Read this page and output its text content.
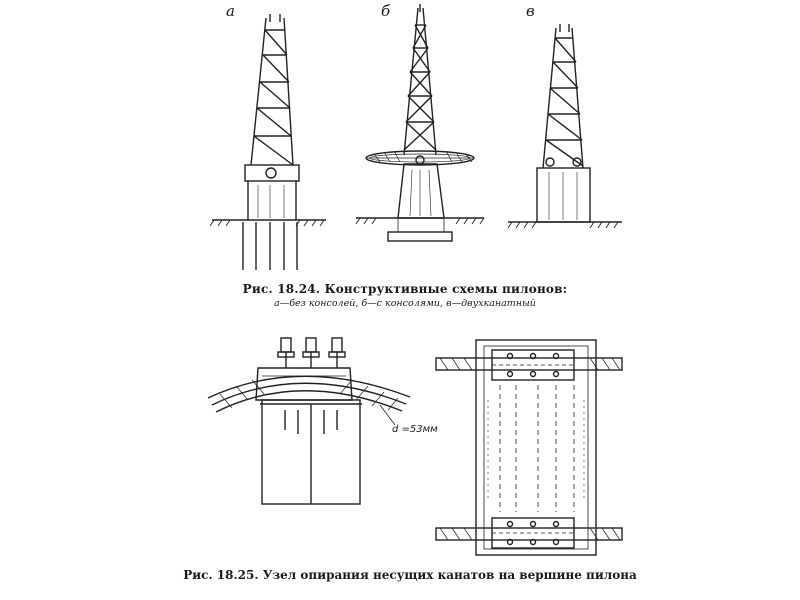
а	б	в
Рис. 18.24. Конструктивные схемы пилонов:
а—без консолей, б—с консолями, в—двухканатный
d =53мм
Рис. 18.25. Узел опирания несущих канатов на вершине пилона
